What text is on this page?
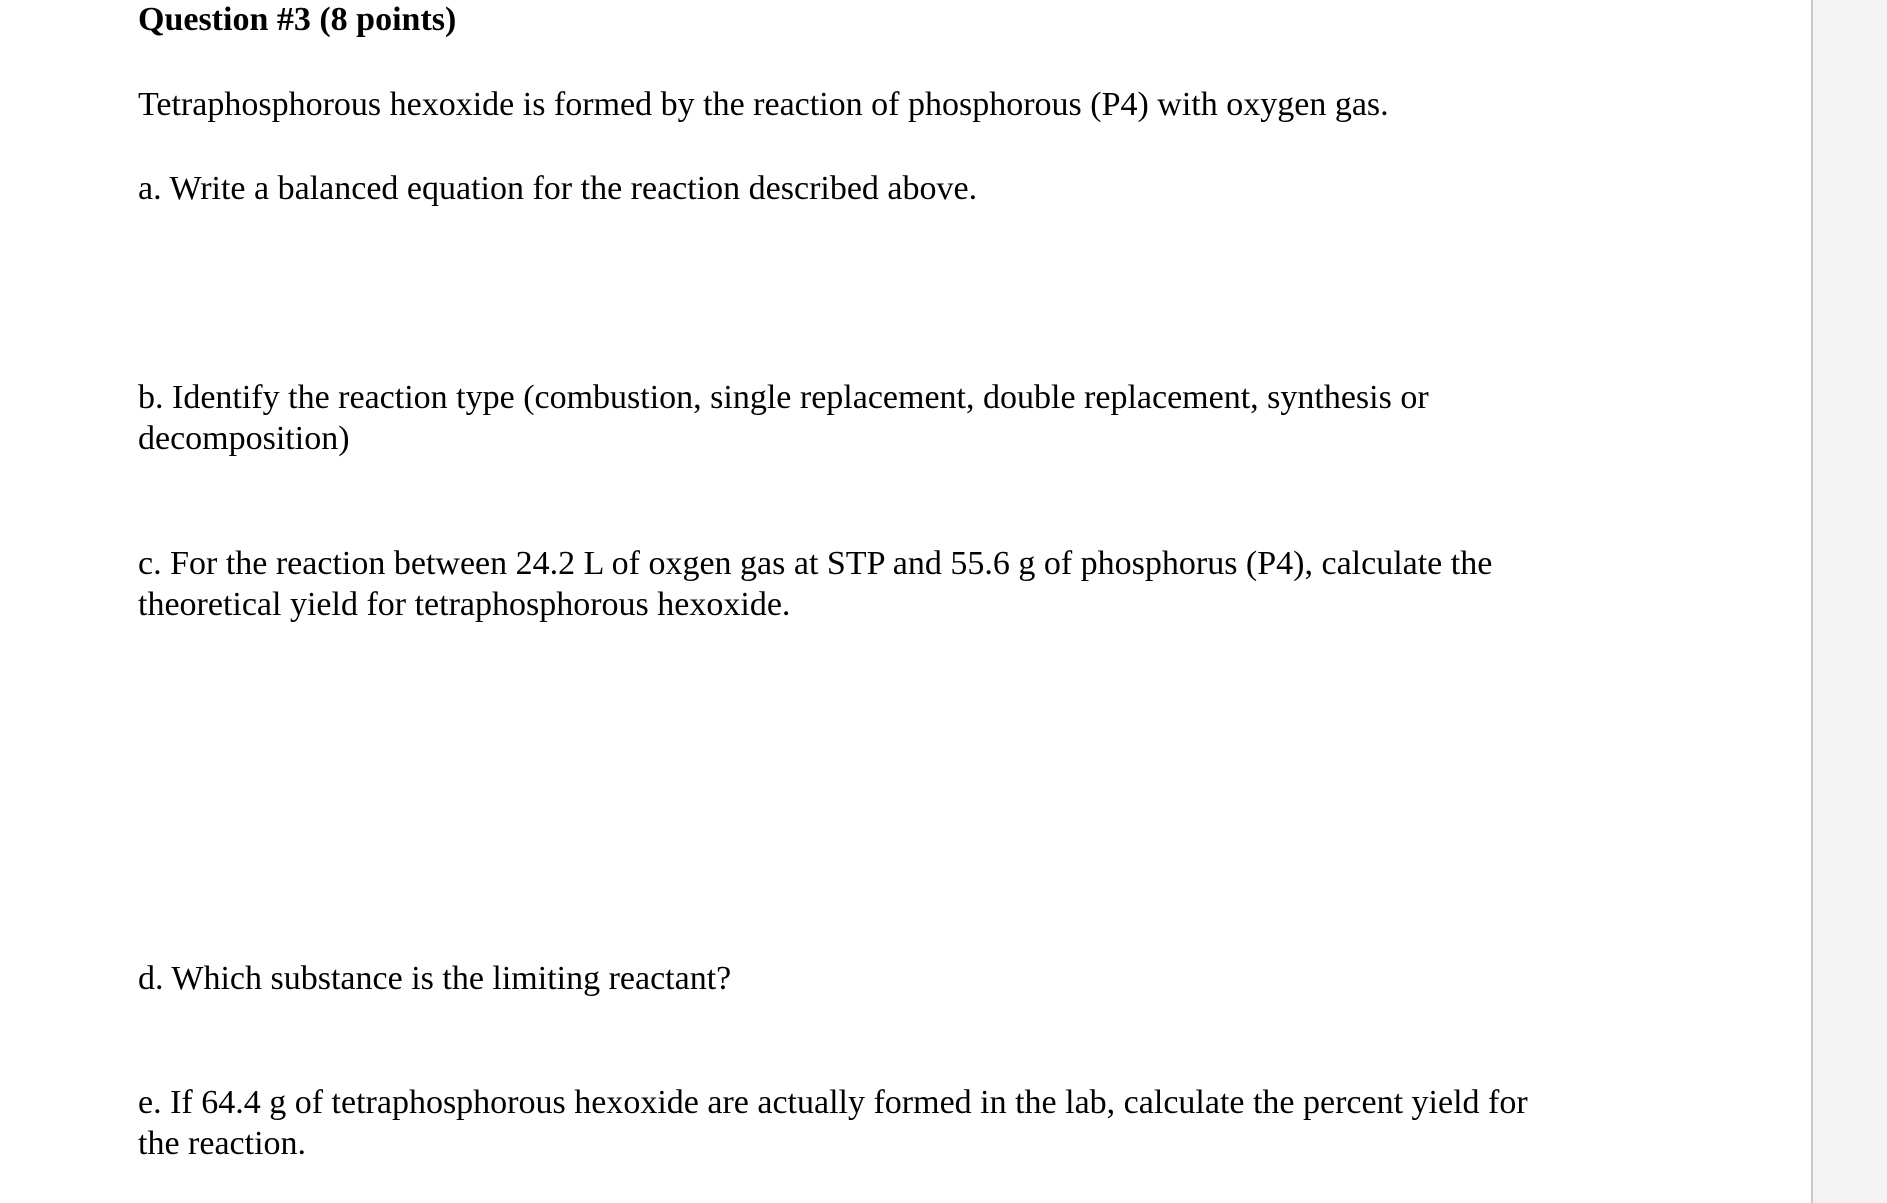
Question #3 (8 points)

Tetraphosphorous hexoxide is formed by the reaction of phosphorous (P4) with oxygen gas.

a. Write a balanced equation for the reaction described above.

b. Identify the reaction type (combustion, single replacement, double replacement, synthesis or
decomposition)
c. For the reaction between 24.2 L of oxgen gas at STP and 55.6 g of phosphorus (P4), calculate the
theoretical yield for tetraphosphorous hexoxide.

d. Which substance is the limiting reactant?

e. If 64.4 g of tetraphosphorous hexoxide are actually formed in the lab, calculate the percent yield for
the reaction.
